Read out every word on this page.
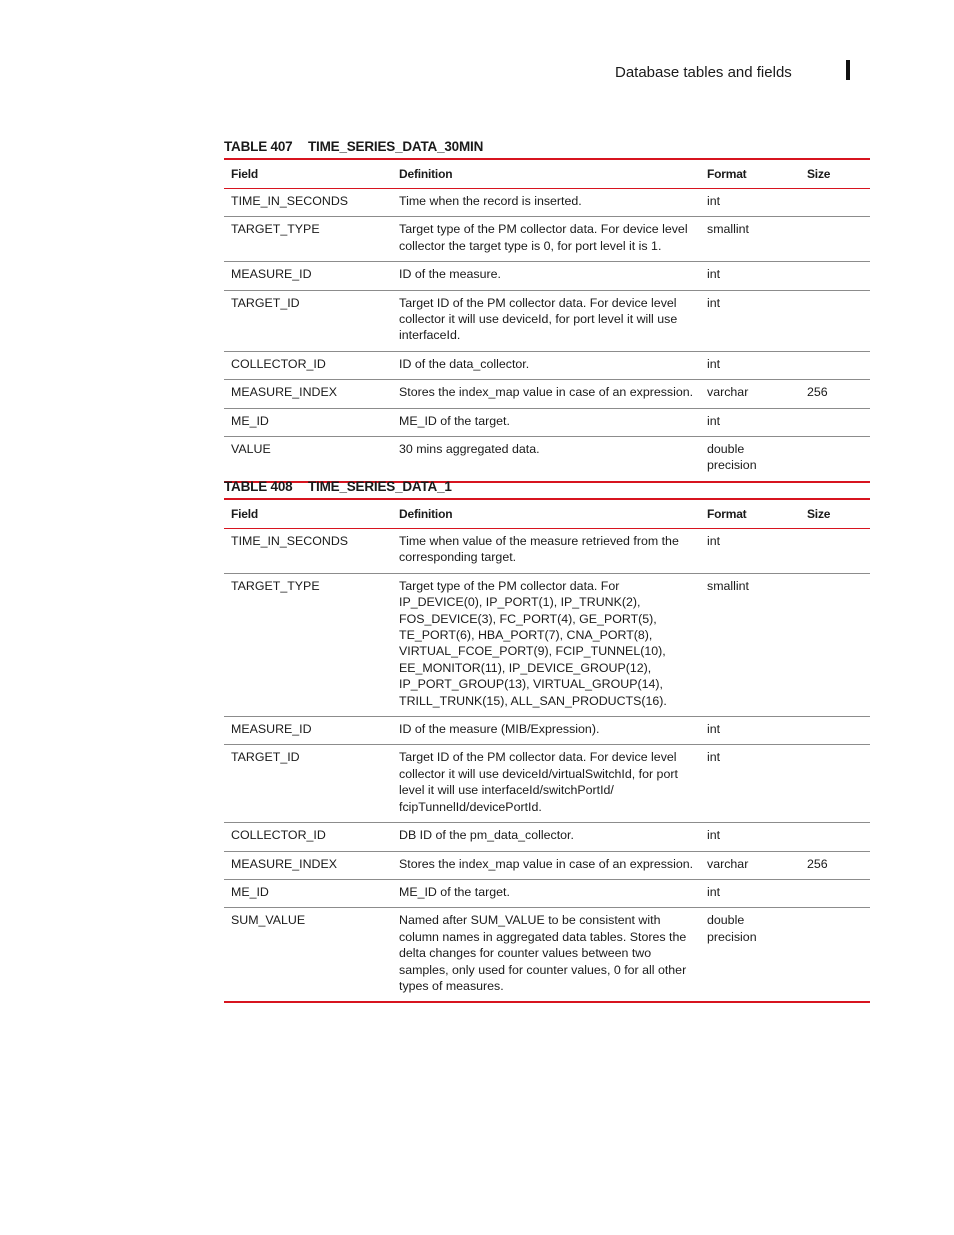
Database tables and fields
TABLE 407 TIME_SERIES_DATA_30MIN
Field	Definition	Format	Size
TIME_IN_SECONDS	Time when the record is inserted.	int	
TARGET_TYPE	Target type of the PM collector data. For device level collector the target type is 0, for port level it is 1.	smallint	
MEASURE_ID	ID of the measure.	int	
TARGET_ID	Target ID of the PM collector data. For device level collector it will use deviceId, for port level it will use interfaceId.	int	
COLLECTOR_ID	ID of the data_collector.	int	
MEASURE_INDEX	Stores the index_map value in case of an expression.	varchar	256
ME_ID	ME_ID of the target.	int	
VALUE	30 mins aggregated data.	double precision	
TABLE 408 TIME_SERIES_DATA_1
Field	Definition	Format	Size
TIME_IN_SECONDS	Time when value of the measure retrieved from the corresponding target.	int	
TARGET_TYPE	Target type of the PM collector data. For IP_DEVICE(0), IP_PORT(1), IP_TRUNK(2), FOS_DEVICE(3), FC_PORT(4), GE_PORT(5), TE_PORT(6), HBA_PORT(7), CNA_PORT(8), VIRTUAL_FCOE_PORT(9), FCIP_TUNNEL(10), EE_MONITOR(11), IP_DEVICE_GROUP(12), IP_PORT_GROUP(13), VIRTUAL_GROUP(14), TRILL_TRUNK(15), ALL_SAN_PRODUCTS(16).	smallint	
MEASURE_ID	ID of the measure (MIB/Expression).	int	
TARGET_ID	Target ID of the PM collector data. For device level collector it will use deviceId/virtualSwitchId, for port level it will use interfaceId/switchPortId/ fcipTunnelId/devicePortId.	int	
COLLECTOR_ID	DB ID of the pm_data_collector.	int	
MEASURE_INDEX	Stores the index_map value in case of an expression.	varchar	256
ME_ID	ME_ID of the target.	int	
SUM_VALUE	Named after SUM_VALUE to be consistent with column names in aggregated data tables. Stores the delta changes for counter values between two samples, only used for counter values, 0 for all other types of measures.	double precision	
